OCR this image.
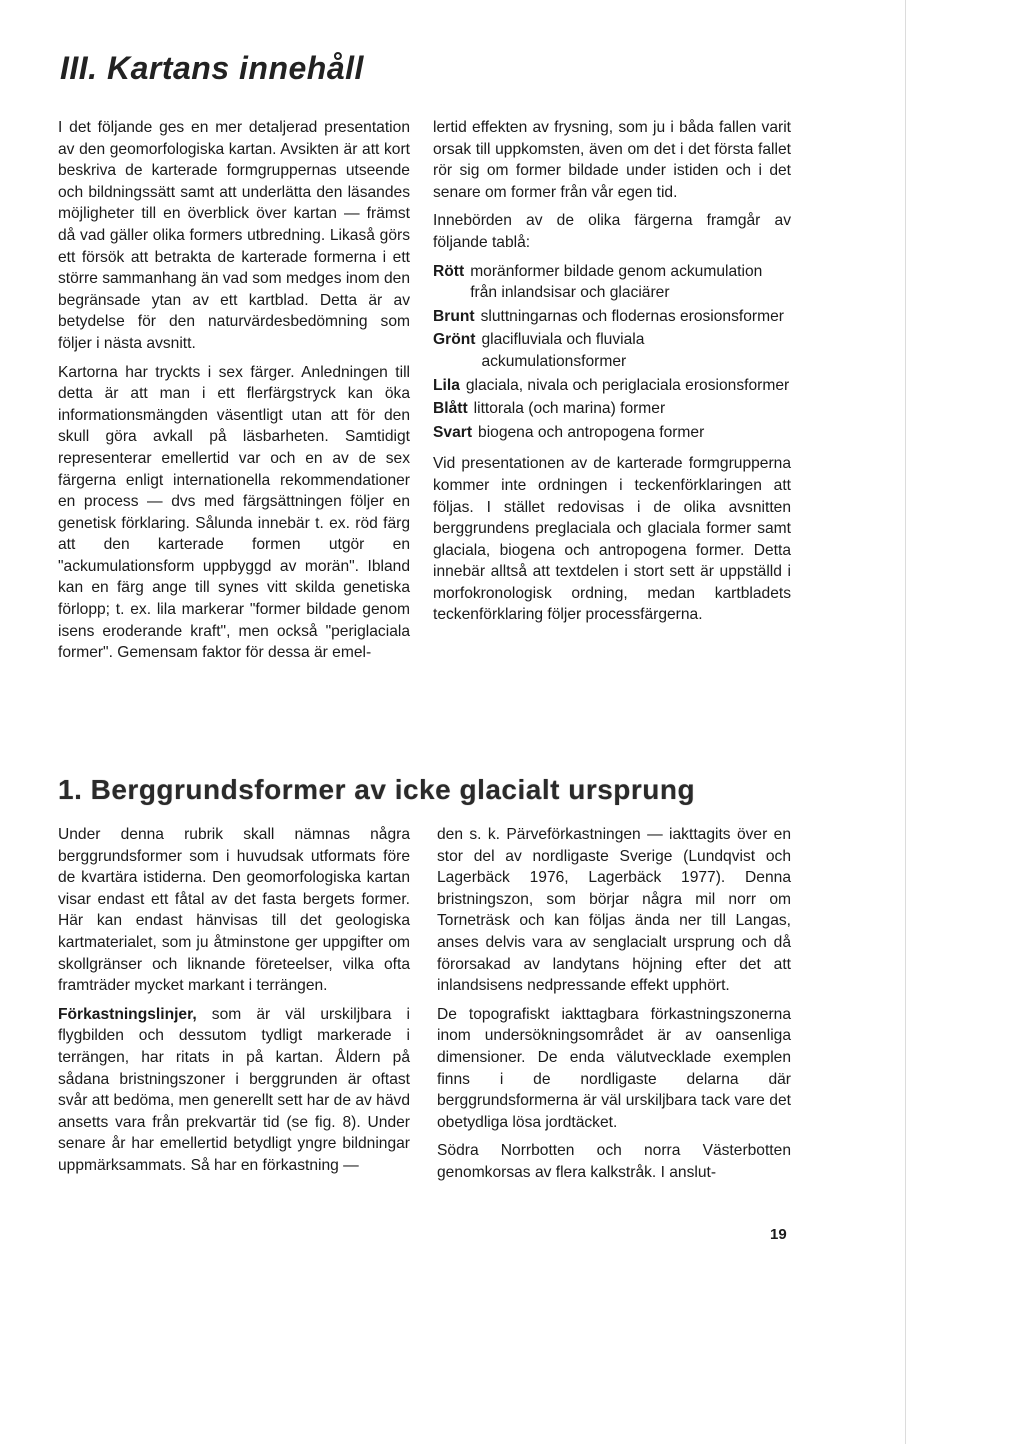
III. Kartans innehåll

I det följande ges en mer detaljerad presentation av den geomorfologiska kartan. Avsikten är att kort beskriva de karterade formgruppernas utseende och bildningssätt samt att underlätta den läsandes möjligheter till en överblick över kartan — främst då vad gäller olika formers utbredning. Likaså görs ett försök att betrakta de karterade formerna i ett större sammanhang än vad som medges inom den begränsade ytan av ett kartblad. Detta är av betydelse för den naturvärdesbedömning som följer i nästa avsnitt.

Kartorna har tryckts i sex färger. Anledningen till detta är att man i ett flerfärgstryck kan öka informationsmängden väsentligt utan att för den skull göra avkall på läsbarheten. Samtidigt representerar emellertid var och en av de sex färgerna enligt internationella rekommendationer en process — dvs med färgsättningen följer en genetisk förklaring. Sålunda innebär t. ex. röd färg att den karterade formen utgör en "ackumulationsform uppbyggd av morän". Ibland kan en färg ange till synes vitt skilda genetiska förlopp; t. ex. lila markerar "former bildade genom isens eroderande kraft", men också "periglaciala former". Gemensam faktor för dessa är emel-

lertid effekten av frysning, som ju i båda fallen varit orsak till uppkomsten, även om det i det första fallet rör sig om former bildade under istiden och i det senare om former från vår egen tid.

Innebörden av de olika färgerna framgår av följande tablå:

Rött moränformer bildade genom ackumulation från inlandsisar och glaciärer
Brunt sluttningarnas och flodernas erosionsformer
Grönt glacifluviala och fluviala ackumulationsformer
Lila glaciala, nivala och periglaciala erosionsformer
Blått littorala (och marina) former
Svart biogena och antropogena former

Vid presentationen av de karterade formgrupperna kommer inte ordningen i teckenförklaringen att följas. I stället redovisas i de olika avsnitten berggrundens preglaciala och glaciala former samt glaciala, biogena och antropogena former. Detta innebär alltså att textdelen i stort sett är uppställd i morfokronologisk ordning, medan kartbladets teckenförklaring följer processfärgerna.

1. Berggrundsformer av icke glacialt ursprung

Under denna rubrik skall nämnas några berggrundsformer som i huvudsak utformats före de kvartära istiderna. Den geomorfologiska kartan visar endast ett fåtal av det fasta bergets former. Här kan endast hänvisas till det geologiska kartmaterialet, som ju åtminstone ger uppgifter om skollgränser och liknande företeelser, vilka ofta framträder mycket markant i terrängen.

Förkastningslinjer, som är väl urskiljbara i flygbilden och dessutom tydligt markerade i terrängen, har ritats in på kartan. Åldern på sådana bristningszoner i berggrunden är oftast svår att bedöma, men generellt sett har de av hävd ansetts vara från prekvartär tid (se fig. 8). Under senare år har emellertid betydligt yngre bildningar uppmärksammats. Så har en förkastning —

den s. k. Pärveförkastningen — iakttagits över en stor del av nordligaste Sverige (Lundqvist och Lagerbäck 1976, Lagerbäck 1977). Denna bristningszon, som börjar några mil norr om Torneträsk och kan följas ända ner till Langas, anses delvis vara av senglacialt ursprung och då förorsakad av landytans höjning efter det att inlandsisens nedpressande effekt upphört.

De topografiskt iakttagbara förkastningszonerna inom undersökningsområdet är av oansenliga dimensioner. De enda välutvecklade exemplen finns i de nordligaste delarna där berggrundsformerna är väl urskiljbara tack vare det obetydliga lösa jordtäcket.

Södra Norrbotten och norra Västerbotten genomkorsas av flera kalkstråk. I anslut-

19
